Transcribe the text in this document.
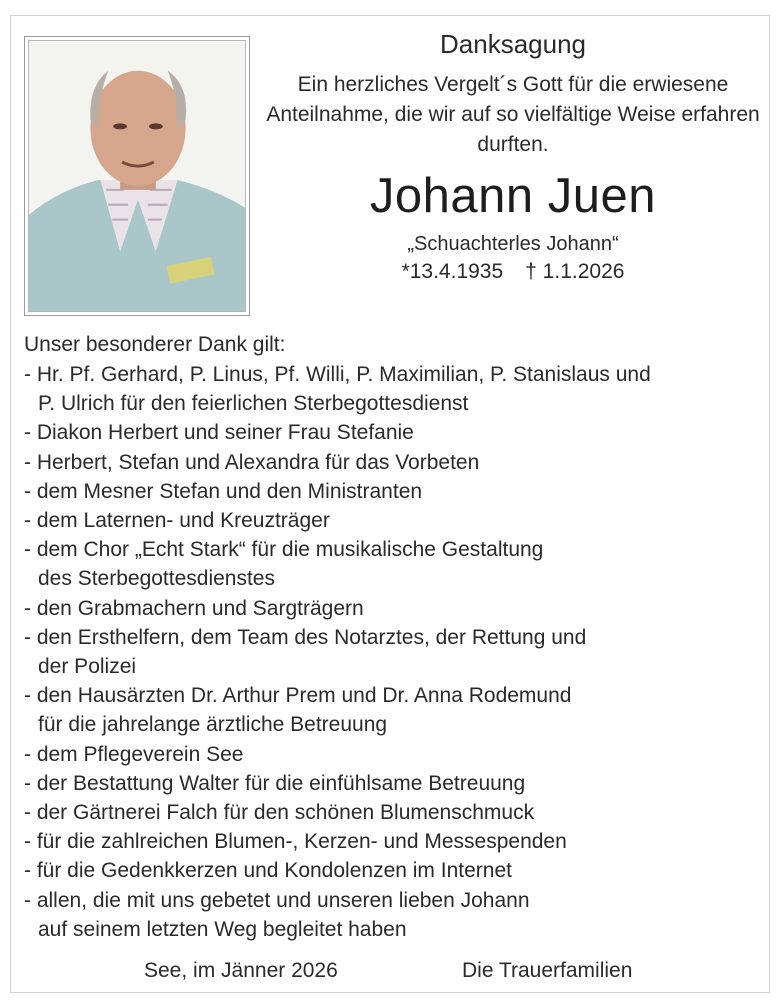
Danksagung
Ein herzliches Vergelt´s Gott für die erwiesene Anteilnahme, die wir auf so vielfältige Weise erfahren durften.
Johann Juen
„Schuachterles Johann“
*13.4.1935 † 1.1.2026
Unser besonderer Dank gilt:
- Hr. Pf. Gerhard, P. Linus, Pf. Willi, P. Maximilian, P. Stanislaus und
P. Ulrich für den feierlichen Sterbegottesdienst
- Diakon Herbert und seiner Frau Stefanie
- Herbert, Stefan und Alexandra für das Vorbeten
- dem Mesner Stefan und den Ministranten
- dem Laternen- und Kreuzträger
- dem Chor „Echt Stark“ für die musikalische Gestaltung
des Sterbegottesdienstes
- den Grabmachern und Sargträgern
- den Ersthelfern, dem Team des Notarztes, der Rettung und
der Polizei
- den Hausärzten Dr. Arthur Prem und Dr. Anna Rodemund
für die jahrelange ärztliche Betreuung
- dem Pflegeverein See
- der Bestattung Walter für die einfühlsame Betreuung
- der Gärtnerei Falch für den schönen Blumenschmuck
- für die zahlreichen Blumen-, Kerzen- und Messespenden
- für die Gedenkkerzen und Kondolenzen im Internet
- allen, die mit uns gebetet und unseren lieben Johann
auf seinem letzten Weg begleitet haben
See, im Jänner 2026	Die Trauerfamilien
